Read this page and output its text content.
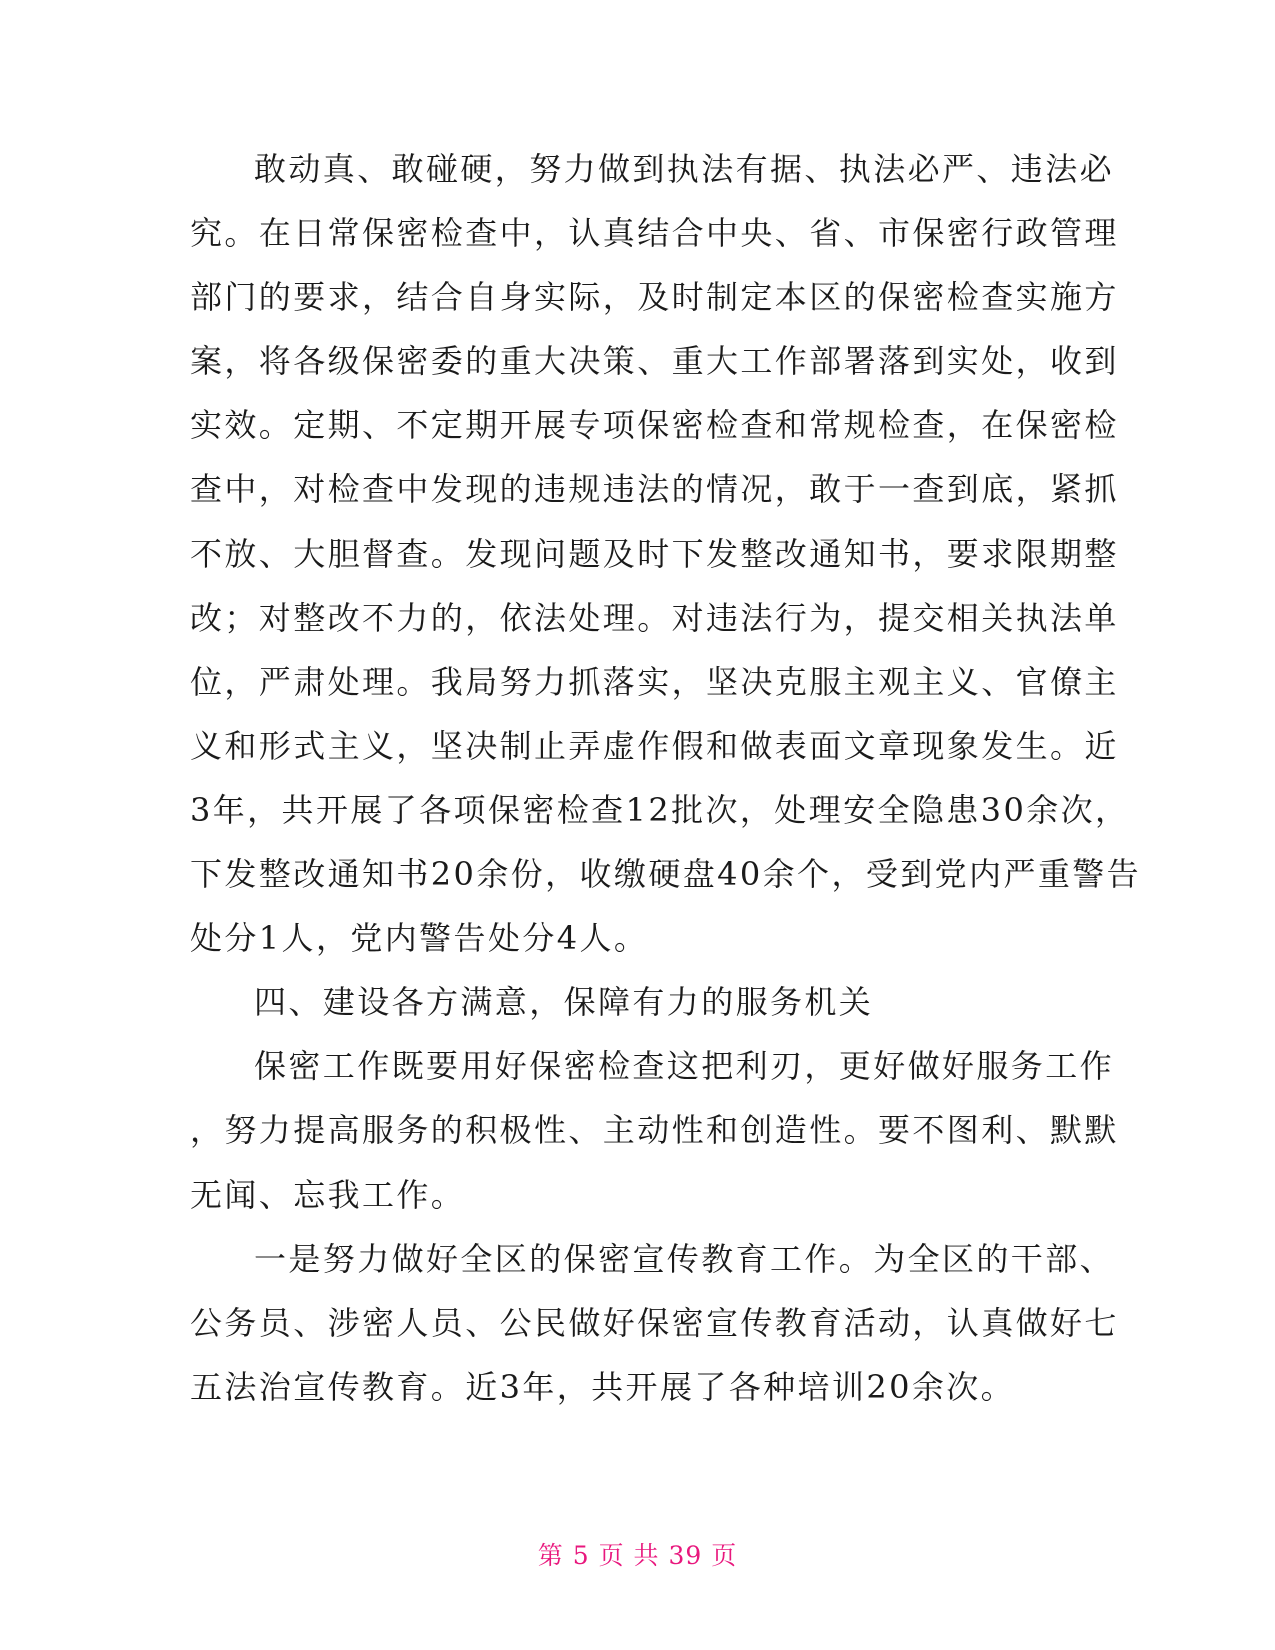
敢动真、敢碰硬，努力做到执法有据、执法必严、违法必
究。在日常保密检查中，认真结合中央、省、市保密行政管理
部门的要求，结合自身实际，及时制定本区的保密检查实施方
案，将各级保密委的重大决策、重大工作部署落到实处，收到
实效。定期、不定期开展专项保密检查和常规检查，在保密检
查中，对检查中发现的违规违法的情况，敢于一查到底，紧抓
不放、大胆督查。发现问题及时下发整改通知书，要求限期整
改；对整改不力的，依法处理。对违法行为，提交相关执法单
位，严肃处理。我局努力抓落实，坚决克服主观主义、官僚主
义和形式主义，坚决制止弄虚作假和做表面文章现象发生。近
3年，共开展了各项保密检查12批次，处理安全隐患30余次，
下发整改通知书20余份，收缴硬盘40余个，受到党内严重警告
处分1人，党内警告处分4人。
四、建设各方满意，保障有力的服务机关
保密工作既要用好保密检查这把利刃，更好做好服务工作
，努力提高服务的积极性、主动性和创造性。要不图利、默默
无闻、忘我工作。
一是努力做好全区的保密宣传教育工作。为全区的干部、
公务员、涉密人员、公民做好保密宣传教育活动，认真做好七
五法治宣传教育。近3年，共开展了各种培训20余次。
第 5 页 共 39 页
